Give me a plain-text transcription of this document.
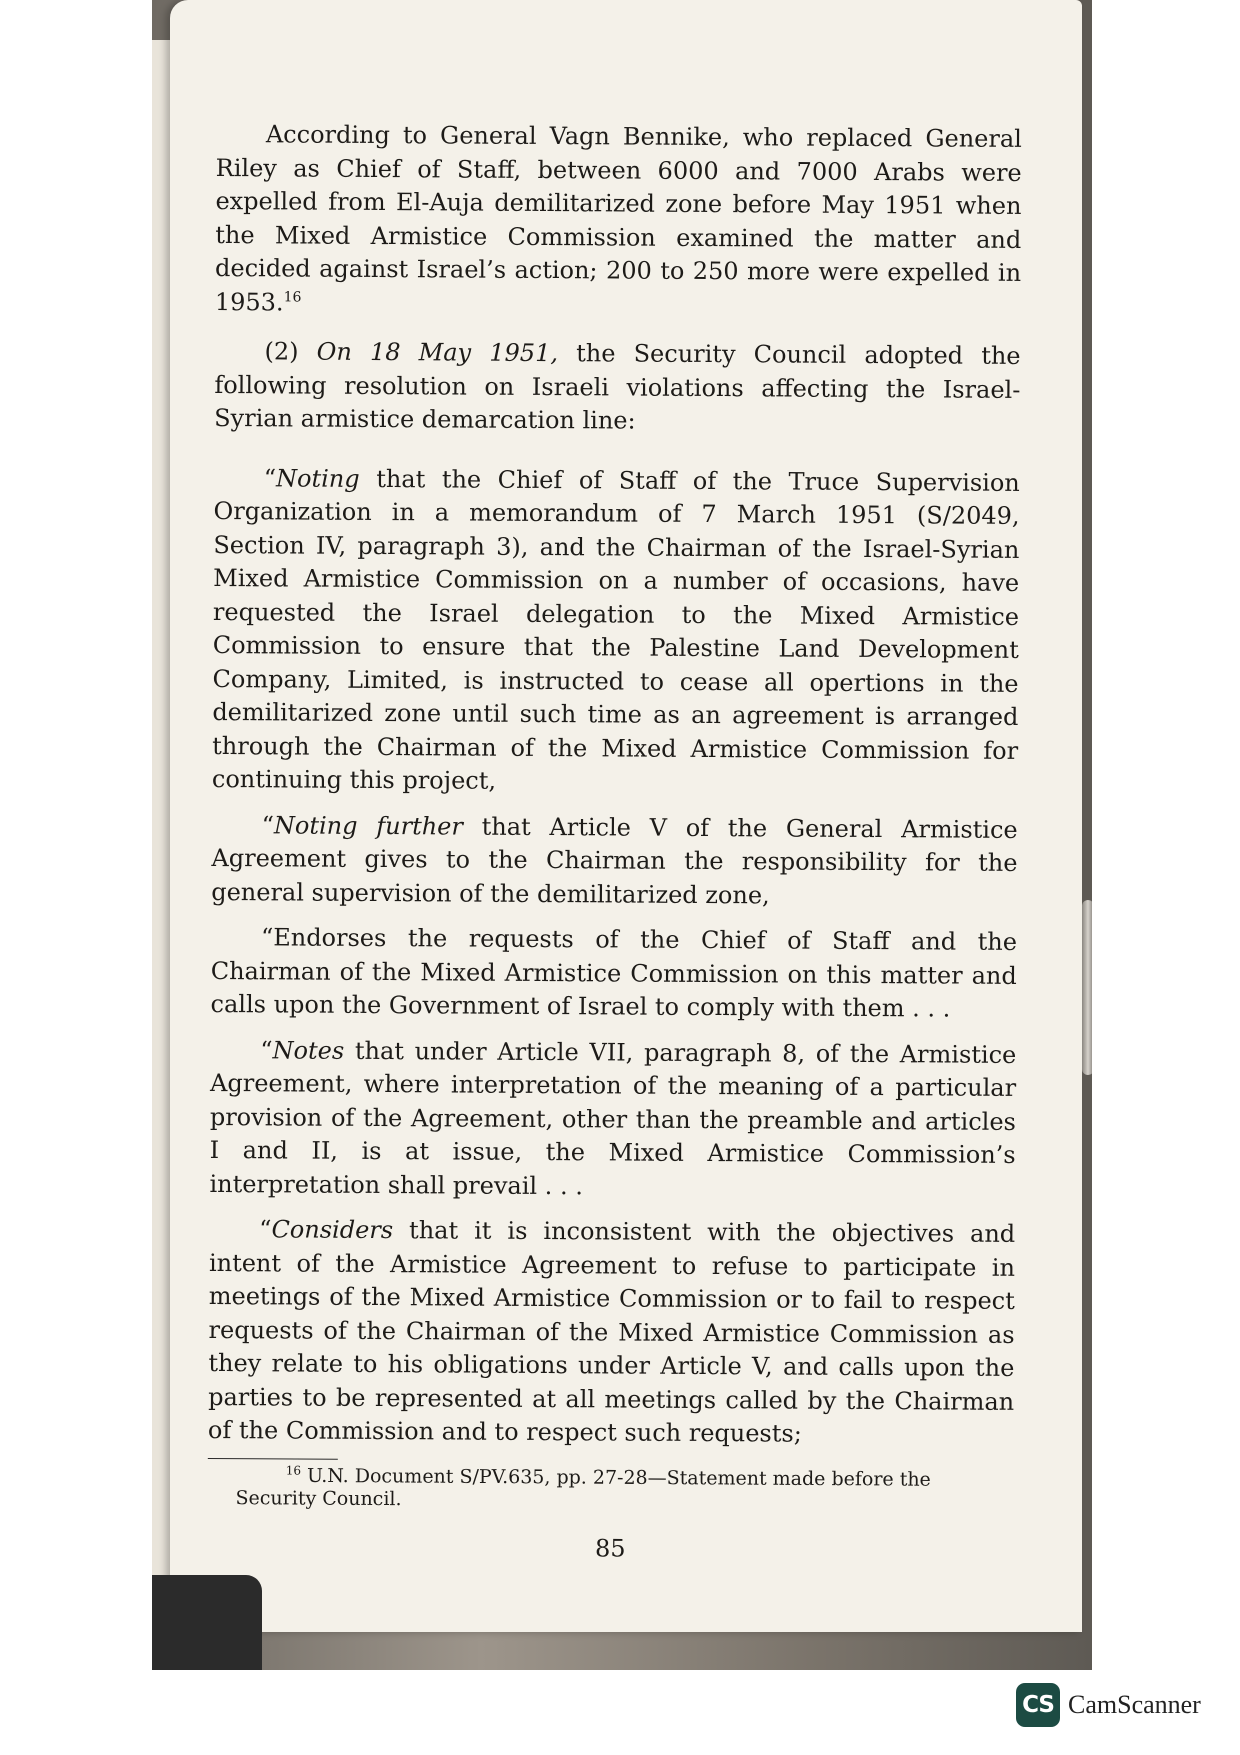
According to General Vagn Bennike, who replaced General Riley as Chief of Staff, between 6000 and 7000 Arabs were expelled from El-Auja demilitarized zone before May 1951 when the Mixed Armistice Commission examined the matter and decided against Israel’s action; 200 to 250 more were expelled in 1953.16

(2) On 18 May 1951, the Security Council adopted the following resolution on Israeli violations affecting the Israel-Syrian armistice demarcation line:

“Noting that the Chief of Staff of the Truce Supervision Organization in a memorandum of 7 March 1951 (S/2049, Section IV, paragraph 3), and the Chairman of the Israel-Syrian Mixed Armistice Commission on a number of occasions, have requested the Israel delegation to the Mixed Armistice Commission to ensure that the Palestine Land Development Company, Limited, is instructed to cease all opertions in the demilitarized zone until such time as an agreement is arranged through the Chairman of the Mixed Armistice Commission for continuing this project,

“Noting further that Article V of the General Armistice Agreement gives to the Chairman the responsibility for the general supervision of the demilitarized zone,

“Endorses the requests of the Chief of Staff and the Chairman of the Mixed Armistice Commission on this matter and calls upon the Government of Israel to comply with them . . .

“Notes that under Article VII, paragraph 8, of the Armistice Agreement, where interpretation of the meaning of a particular provision of the Agreement, other than the preamble and articles I and II, is at issue, the Mixed Armistice Commission’s interpretation shall prevail . . .

“Considers that it is inconsistent with the objectives and intent of the Armistice Agreement to refuse to participate in meetings of the Mixed Armistice Commission or to fail to respect requests of the Chairman of the Mixed Armistice Commission as they relate to his obligations under Article V, and calls upon the parties to be represented at all meetings called by the Chairman of the Commission and to respect such requests;

$^{16}$ U.N. Document S/PV.635, pp. 27-28—Statement made before the Security Council.

85
CS CamScanner
